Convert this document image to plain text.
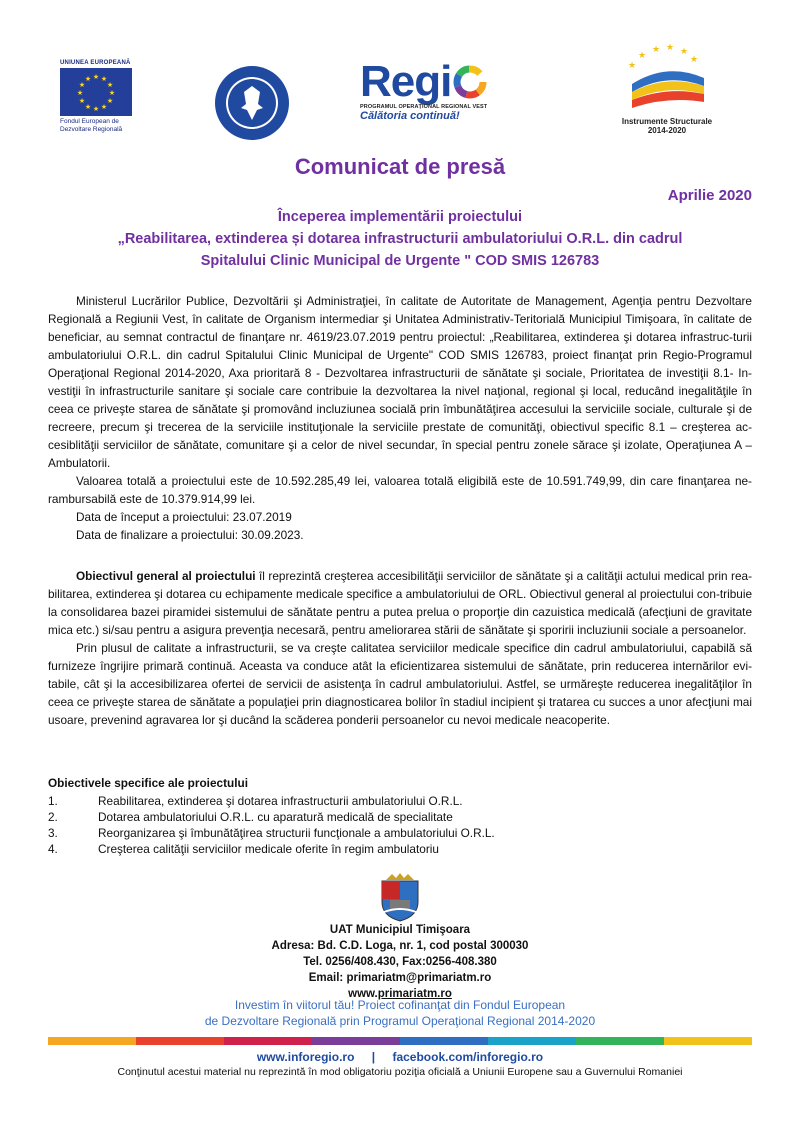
UNIUNEA EUROPEANĂ
★ ★
★
★
★
★
★
★
★
★
★
★
Fondul European de
Dezvoltare Regională
Regi
PROGRAMUL OPERAȚIONAL REGIONAL VEST
Călătoria continuă!
★
★ ★ ★
★
★
Instrumente Structurale
2014-2020
Comunicat de presă
Aprilie 2020
Începerea implementării proiectului
„Reabilitarea, extinderea și dotarea infrastructurii ambulatoriului O.R.L. din cadrul
Spitalului Clinic Municipal de Urgente " COD SMIS 126783

Ministerul Lucrărilor Publice, Dezvoltării şi Administraţiei, în calitate de Autoritate de Management, Agenţia pentru Dezvoltare Regională a Regiunii Vest, în calitate de Organism intermediar şi Unitatea Administrativ-Teritorială Municipiul Timişoara, în calitate de beneficiar, au semnat contractul de finanţare nr. 4619/23.07.2019 pentru proiectul: „Reabilitarea, extinderea şi dotarea infrastruc-turii ambulatoriului O.R.L. din cadrul Spitalului Clinic Municipal de Urgente" COD SMIS 126783, proiect finanţat prin Regio-Programul Operaţional Regional 2014-2020, Axa prioritară 8 - Dezvoltarea infrastructurii de sănătate şi sociale, Prioritatea de investiţii 8.1- In-vestiţii în infrastructurile sanitare şi sociale care contribuie la dezvoltarea la nivel naţional, regional şi local, reducând inegalităţile în ceea ce priveşte starea de sănătate şi promovând incluziunea socială prin îmbunătăţirea accesului la serviciile sociale, culturale şi de recreere, precum şi trecerea de la serviciile instituţionale la serviciile prestate de comunităţi, obiectivul specific 8.1 – creşterea ac-cesiblităţii serviciilor de sănătate, comunitare şi a celor de nivel secundar, în special pentru zonele sărace şi izolate, Operaţiunea A – Ambulatorii.

Valoarea totală a proiectului este de 10.592.285,49 lei, valoarea totală eligibilă este de 10.591.749,99, din care finanţarea ne-rambursabilă este de 10.379.914,99 lei.

Data de început a proiectului: 23.07.2019

Data de finalizare a proiectului: 30.09.2023.

Obiectivul general al proiectului îl reprezintă creşterea accesibilităţii serviciilor de sănătate şi a calităţii actului medical prin rea-bilitarea, extinderea şi dotarea cu echipamente medicale specifice a ambulatoriului de ORL. Obiectivul general al proiectului con-tribuie la consolidarea bazei piramidei sistemului de sănătate pentru a putea prelua o proporţie din cazuistica medicală (afecţiuni de gravitate mica etc.) si/sau pentru a asigura prevenţia necesară, pentru ameliorarea stării de sănătate şi sporirii incluziunii sociale a persoanelor.

Prin plusul de calitate a infrastructurii, se va creşte calitatea serviciilor medicale specifice din cadrul ambulatoriului, capabilă să furnizeze îngrijire primară continuă. Aceasta va conduce atât la eficientizarea sistemului de sănătate, prin reducerea internărilor evi-tabile, cât şi la accesibilizarea ofertei de servicii de asistenţa în cadrul ambulatoriului. Astfel, se urmăreşte reducerea inegalităţilor în ceea ce priveşte starea de sănătate a populaţiei prin diagnosticarea bolilor în stadiul incipient şi tratarea cu succes a unor afecţiuni mai usoare, prevenind agravarea lor şi ducând la scăderea ponderii persoanelor cu nevoi medicale neacoperite.

Obiectivele specifice ale proiectului
1.	Reabilitarea, extinderea şi dotarea infrastructurii ambulatoriului O.R.L.
2.	Dotarea ambulatoriului O.R.L. cu aparatură medicală de specialitate
3.	Reorganizarea şi îmbunătăţirea structurii funcţionale a ambulatoriului O.R.L.
4.	Creşterea calităţii serviciilor medicale oferite în regim ambulatoriu
UAT Municipiul Timişoara
Adresa: Bd. C.D. Loga, nr. 1, cod postal 300030
Tel. 0256/408.430, Fax:0256-408.380
Email: primariatm@primariatm.ro
www.primariatm.ro
Investim în viitorul tău! Proiect cofinanţat din Fondul European
de Dezvoltare Regională prin Programul Operaţional Regional 2014-2020
www.inforegio.ro | facebook.com/inforegio.ro
Conţinutul acestui material nu reprezintă în mod obligatoriu poziţia oficială a Uniunii Europene sau a Guvernului Romaniei
